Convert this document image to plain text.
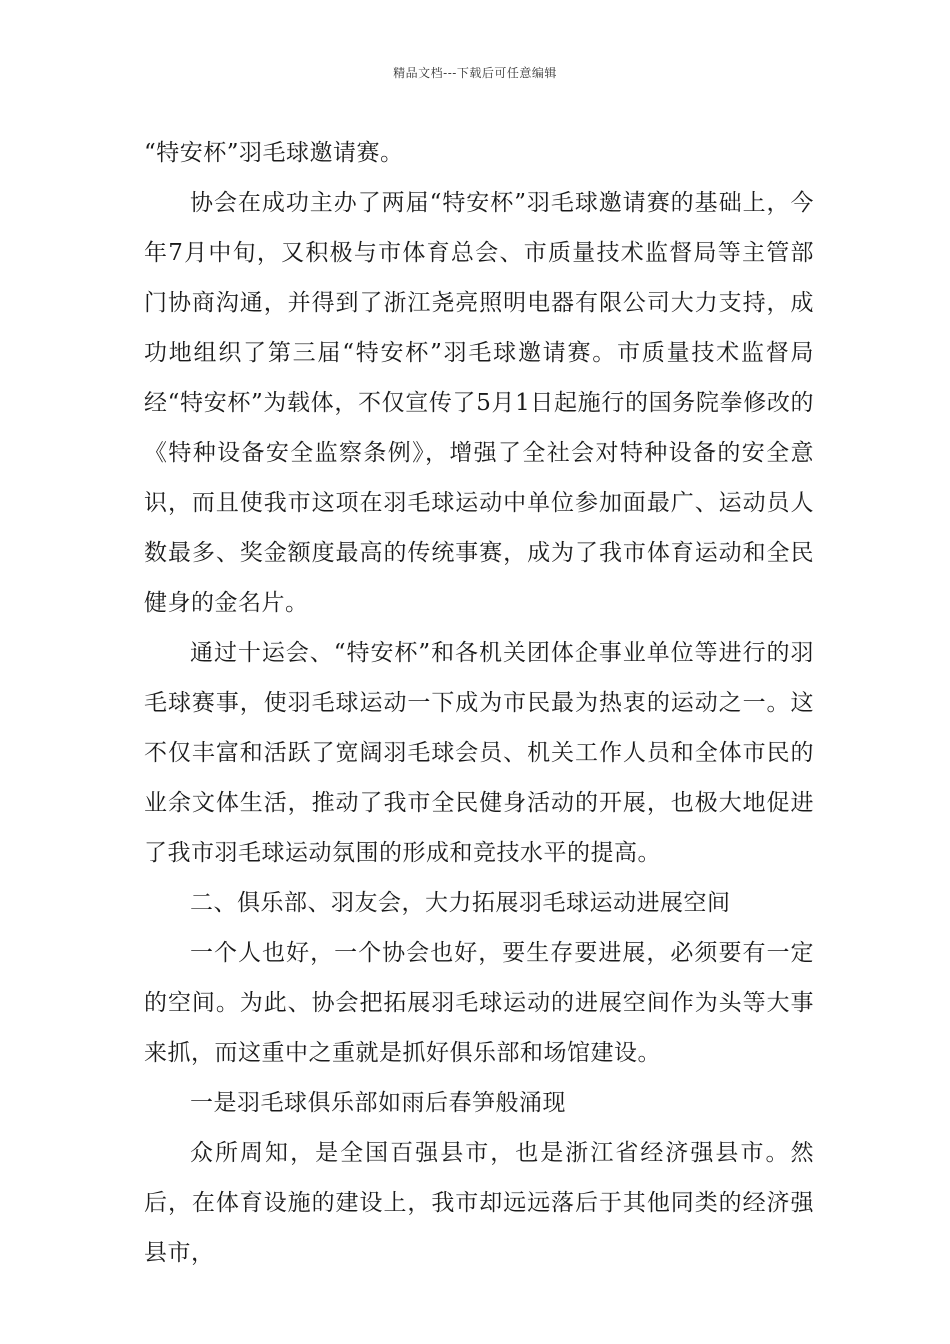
精品文档---下载后可任意编辑

“特安杯”羽毛球邀请赛。

协会在成功主办了两届“特安杯”羽毛球邀请赛的基础上，今年7月中旬，又积极与市体育总会、市质量技术监督局等主管部门协商沟通，并得到了浙江尧亮照明电器有限公司大力支持，成功地组织了第三届“特安杯”羽毛球邀请赛。市质量技术监督局经“特安杯”为载体，不仅宣传了5月1日起施行的国务院拳修改的《特种设备安全监察条例》，增强了全社会对特种设备的安全意识，而且使我市这项在羽毛球运动中单位参加面最广、运动员人数最多、奖金额度最高的传统事赛，成为了我市体育运动和全民健身的金名片。

通过十运会、“特安杯”和各机关团体企事业单位等进行的羽毛球赛事，使羽毛球运动一下成为市民最为热衷的运动之一。这不仅丰富和活跃了宽阔羽毛球会员、机关工作人员和全体市民的业余文体生活，推动了我市全民健身活动的开展，也极大地促进了我市羽毛球运动氛围的形成和竞技水平的提高。

二、俱乐部、羽友会，大力拓展羽毛球运动进展空间

一个人也好，一个协会也好，要生存要进展，必须要有一定的空间。为此、协会把拓展羽毛球运动的进展空间作为头等大事来抓，而这重中之重就是抓好俱乐部和场馆建设。

一是羽毛球俱乐部如雨后春笋般涌现

众所周知，是全国百强县市，也是浙江省经济强县市。然后，在体育设施的建设上，我市却远远落后于其他同类的经济强县市，
